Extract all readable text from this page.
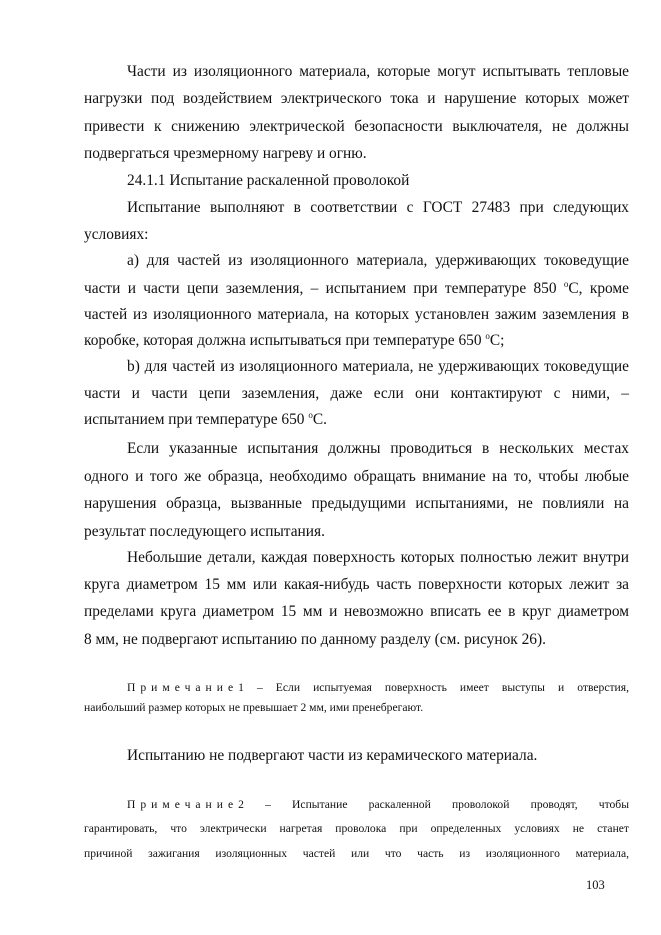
Части из изоляционного материала, которые могут испытывать тепловые
нагрузки под воздействием электрического тока и нарушение которых может
привести к снижению электрической безопасности выключателя, не должны
подвергаться чрезмерному нагреву и огню.
24.1.1 Испытание раскаленной проволокой
Испытание выполняют в соответствии с ГОСТ 27483 при следующих
условиях:
а) для частей из изоляционного материала, удерживающих токоведущие
части и части цепи заземления, – испытанием при температуре 850 $^o$С, кроме
частей из изоляционного материала, на которых установлен зажим заземления в
коробке, которая должна испытываться при температуре 650 $^o$С;
b) для частей из изоляционного материала, не удерживающих токоведущие
части и части цепи заземления, даже если они контактируют с ними, –
испытанием при температуре 650 $^o$С.
Если указанные испытания должны проводиться в нескольких местах
одного и того же образца, необходимо обращать внимание на то, чтобы любые
нарушения образца, вызванные предыдущими испытаниями, не повлияли на
результат последующего испытания.
Небольшие детали, каждая поверхность которых полностью лежит внутри
круга диаметром 15 мм или какая-нибудь часть поверхности которых лежит за
пределами круга диаметром 15 мм и невозможно вписать ее в круг диаметром
8 мм, не подвергают испытанию по данному разделу (см. рисунок 26).
Примечание1 – Если испытуемая поверхность имеет выступы и отверстия,
наибольший размер которых не превышает 2 мм, ими пренебрегают.
Испытанию не подвергают части из керамического материала.
Примечание2 – Испытание раскаленной проволокой проводят, чтобы
гарантировать, что электрически нагретая проволока при определенных условиях не станет
причиной зажигания изоляционных частей или что часть из изоляционного материала,
103
